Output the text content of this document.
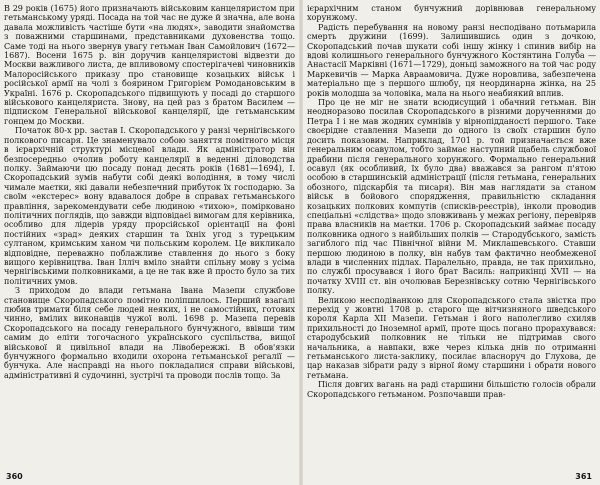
В 29 років (1675) його призначають військовим канцеляристом при гетьманському уряді. Посада на той час не дуже й значна, але вона давала можливість частіше бути «на людях», заводити знайомства з поважними старшинами, представниками духовенства тощо. Саме тоді на нього звернув увагу гетьман Іван Самойлович (1672—1687). Восени 1675 р. він доручив канцеляристові відвезти до Москви важливого листа, де впливовому спостерігачеві чиновників Малоросійського приказу про становище козацьких військ і російської армії на чолі з боярином Григорієм Ромодановським в Україні. 1676 р. Скоропадського підвищують у посаді до старшого військового канцеляриста. Знову, на цей раз з братом Василем — підписком Генеральної військової канцелярії, іде гетьманським гонцем до Москви.

Початок 80-х рр. застав І. Скоропадського у ранзі чернігівського полкового писаря. Це знаменувало собою заняття помітного місця в ієрархічній структурі місцевої влади. Як адміністратор він безпосередньо очолив роботу канцелярії в веденні діловодства полку. Займаючи цю посаду понад десять років (1681—1694), І. Скоропадський зумів набути собі деякі володіння, в тому числі чимале маєтки, які давали небезпечний прибуток їх господарю. За своїм «екстерес» вону вдавалося добре в справах гетьманського правління, зарекомендувати себе людиною «тихою», помірковано політичних поглядів, що завжди відповідаєі вимогам для керівника, особливо для лідерів уряду прорсійської орієнтації на фоні постійних «зрад» деяких старшин та їхніх угод з турецьким султаном, кримським ханом чи польським королем. Це викликало відповідне, переважно поблажливе ставлення до нього з боку вищого керівництва. Іван Ілліч вміло знайти спільну мову з усіма чернігівськими полковниками, а це не так вже й просто було за тих політичних умов.

З приходом до влади гетьмана Івана Мазепи службове становище Скоропадського помітно поліпшилось. Перший взагалі любив тримати біля себе людей неяких, і не самостійних, готових чинно, вмілих виконавців чужої волі. 1698 р. Мазепа перевів Скоропадського на посаду генерального бунчужного, ввівши тим самим до еліти тогочасного українського суспільства, вищої військової й цивільної влади на Лівобережжі. В обов'язки бунчужного формально входили охорона гетьманської регалії — бунчука. Але насправді на нього покладалися справи військові, адміністративні й судочинні, зустрічі та проводи послів тощо. За

360

ієрархічним станом бунчужний дорівнював генеральному хорунжому.

Радість перебування на новому ранзі несподівано потьмарила смерть дружини (1699). Залишившись один з дочкою, Скоропадський почав шукати собі іншу жінку і спинив вибір на вдові колишнього генерального бунчужного Костянтина Голуба — Анастасії Марківні (1671—1729), доньці заможного на той час роду Маркевичів — Марка Авраамовича. Дуже норовлива, забезпечена матеріально ще з першого шлюбу, ця неординарна жінка, на 25 років молодша за чоловіка, мала на нього неабиякий вплив.

Про це не міг не знати всюдисущий і обачний гетьман. Він неодноразово посилав Скоропадського в різними дорученнями до Петра І і не мав жодних сумнівів у вірнопідданості першого. Таке своєрідне ставлення Мазепи до одного із своїх старшин було досить показовим. Наприклад, 1701 р. той призначається вже генеральним осавулом, тобто займає наступний щабель службової драбини після генерального хорунжого. Формально генеральний осавул (як особливий, їх було два) вважався за рангом п'ятою особою в старшинській адміністрації (після гетьмана, генеральних обозного, підскарбія та писаря). Він мав наглядати за станом військ в бойового спорядження, правильністю складання козацьких полкових компутів (списків-реєстрів), інколи проводив спеціальні «слідства» щодо зловживань у межах регіону, перевіряв права власників на маєтки. 1706 р. Скоропадський займає посаду полковника одного з найбільших полків — Стародубського, замість загиблого під час Північної війни М. Миклашевського. Ставши першою людиною в полку, він набув там фактично необмеженої влади в численних підлах. Паралельно, правда, не так прихильно, по службі просувався і його брат Василь: наприкінці XVII — на початку XVIII ст. він очолював Березнівську сотню Чернігівського полку.

Великою несподіванкою для Скоропадського стала звістка про перехід у жовтні 1708 р. старого ще вітчизняного шведського короля Карла XII Мазепи. Гетьман і його наполегливо схиляв прихильності до Іноземної армії, проте щось погано прорахувався: стародубський полковник не тільки не підтримав свого начальника, а навпаки, вже через кілька днів по отриманні гетьманського листа-заклику, посилає власноруч до Глухова, де цар наказав зібрати раду з вірної йому старшини і обрати нового гетьмана.

Після довгих вагань на раді старшини більшістю голосів обрали Скоропадського гетьманом. Розпочавши прав-

361
